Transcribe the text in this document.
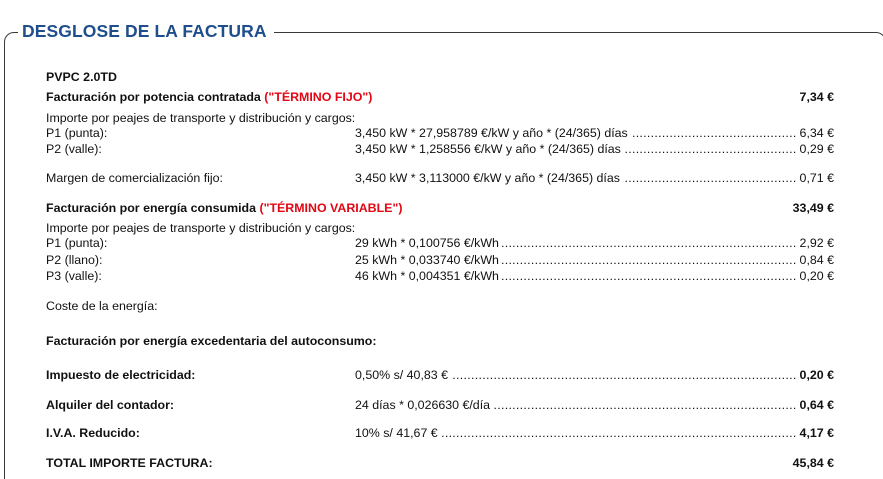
DESGLOSE DE LA FACTURA
PVPC 2.0TD
Facturación por potencia contratada ("TÉRMINO FIJO")	7,34 €
Importe por peajes de transporte y distribución y cargos:
P1 (punta): .....	3,450 kW * 27,958789 €/kW y año * (24/365) días	6,34 €
P2 (valle): .....	3,450 kW * 1,258556 €/kW y año * (24/365) días	0,29 €
Margen de comercialización fijo: .....	3,450 kW * 3,113000 €/kW y año * (24/365) días	0,71 €
Facturación por energía consumida ("TÉRMINO VARIABLE")	33,49 €
Importe por peajes de transporte y distribución y cargos:
P1 (punta): .....	29 kWh * 0,100756 €/kWh	2,92 €
P2 (llano): .....	25 kWh * 0,033740 €/kWh	0,84 €
P3 (valle): .....	46 kWh * 0,004351 €/kWh	0,20 €
Coste de la energía:
Facturación por energía excedentaria del autoconsumo:
Impuesto de electricidad: .....	0,50% s/ 40,83 €	0,20 €
Alquiler del contador: .....	24 días * 0,026630 €/día	0,64 €
I.V.A. Reducido: .....	10% s/ 41,67 €	4,17 €
TOTAL IMPORTE FACTURA:	45,84 €
